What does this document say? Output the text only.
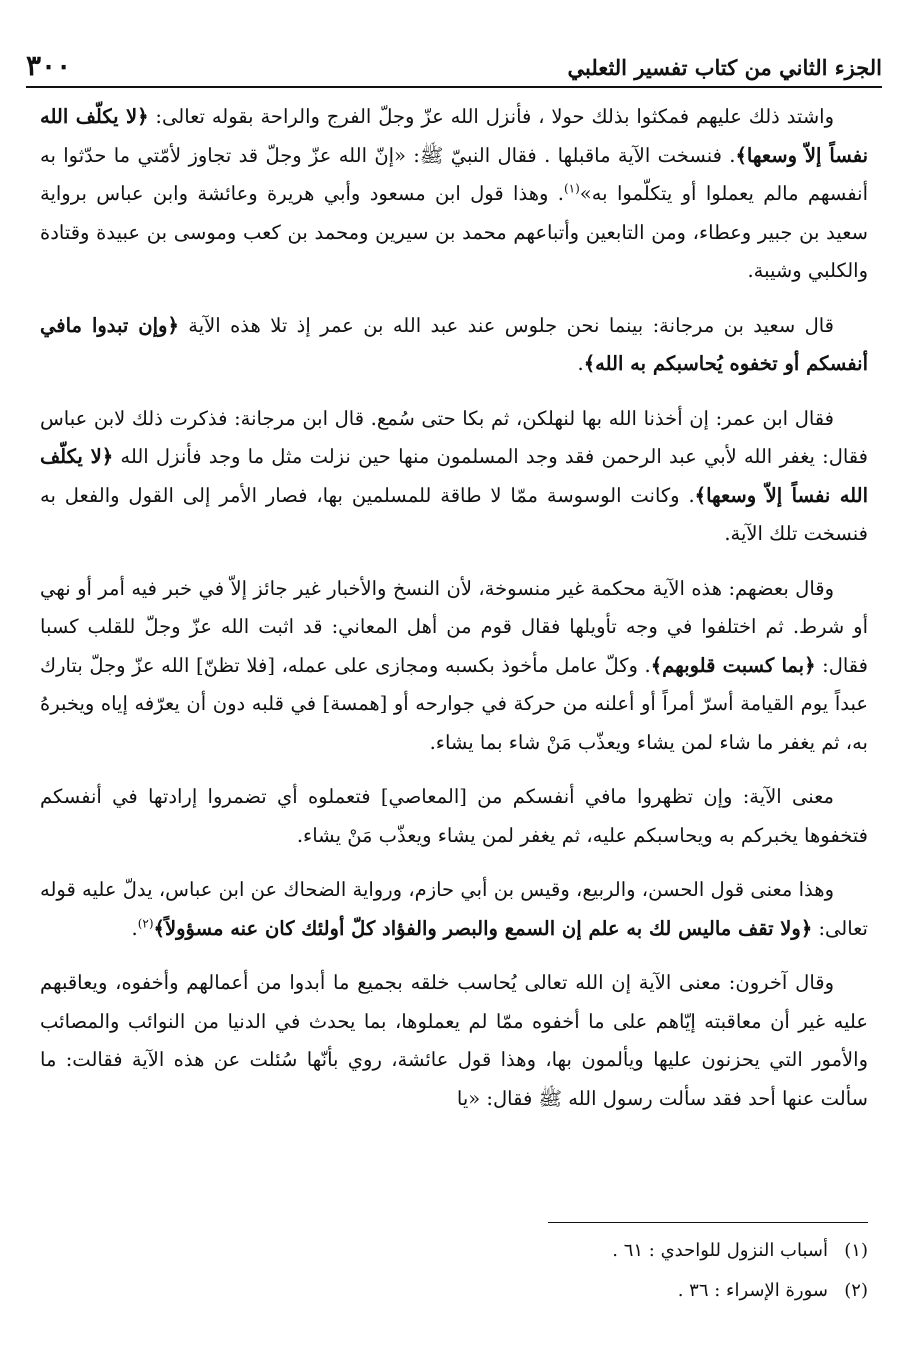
الجزء الثاني من كتاب تفسير الثعلبي
٣٠٠

واشتد ذلك عليهم فمكثوا بذلك حولا ، فأنزل الله عزّ وجلّ الفرج والراحة بقوله تعالى: ﴿لا يكلّف الله نفساً إلاّ وسعها﴾. فنسخت الآية ماقبلها . فقال النبيّ ﷺ: «إنّ الله عزّ وجلّ قد تجاوز لأمّتي ما حدّثوا به أنفسهم مالم يعملوا أو يتكلّموا به»$^{(١)}$. وهذا قول ابن مسعود وأبي هريرة وعائشة وابن عباس برواية سعيد بن جبير وعطاء، ومن التابعين وأتباعهم محمد بن سيرين ومحمد بن كعب وموسى بن عبيدة وقتادة والكلبي وشيبة.

قال سعيد بن مرجانة: بينما نحن جلوس عند عبد الله بن عمر إذ تلا هذه الآية ﴿وإن تبدوا مافي أنفسكم أو تخفوه يُحاسبكم به الله﴾.

فقال ابن عمر: إن أخذنا الله بها لنهلكن، ثم بكا حتى سُمع. قال ابن مرجانة: فذكرت ذلك لابن عباس فقال: يغفر الله لأبي عبد الرحمن فقد وجد المسلمون منها حين نزلت مثل ما وجد فأنزل الله ﴿لا يكلّف الله نفساً إلاّ وسعها﴾. وكانت الوسوسة ممّا لا طاقة للمسلمين بها، فصار الأمر إلى القول والفعل به فنسخت تلك الآية.

وقال بعضهم: هذه الآية محكمة غير منسوخة، لأن النسخ والأخبار غير جائز إلاّ في خبر فيه أمر أو نهي أو شرط. ثم اختلفوا في وجه تأويلها فقال قوم من أهل المعاني: قد اثبت الله عزّ وجلّ للقلب كسبا فقال: ﴿بما كسبت قلوبهم﴾. وكلّ عامل مأخوذ بكسبه ومجازى على عمله، [فلا تظنّ] الله عزّ وجلّ بتارك عبداً يوم القيامة أسرّ أمراً أو أعلنه من حركة في جوارحه أو [همسة] في قلبه دون أن يعرّفه إياه ويخبرهُ به، ثم يغفر ما شاء لمن يشاء ويعذّب مَنْ شاء بما يشاء.

معنى الآية: وإن تظهروا مافي أنفسكم من [المعاصي] فتعملوه أي تضمروا إرادتها في أنفسكم فتخفوها يخبركم به ويحاسبكم عليه، ثم يغفر لمن يشاء ويعذّب مَنْ يشاء.

وهذا معنى قول الحسن، والربيع، وقيس بن أبي حازم، ورواية الضحاك عن ابن عباس، يدلّ عليه قوله تعالى: ﴿ولا تقف ماليس لك به علم إن السمع والبصر والفؤاد كلّ أولئك كان عنه مسؤولاً﴾$^{(٢)}$.

وقال آخرون: معنى الآية إن الله تعالى يُحاسب خلقه بجميع ما أبدوا من أعمالهم وأخفوه، ويعاقبهم عليه غير أن معاقبته إيّاهم على ما أخفوه ممّا لم يعملوها، بما يحدث في الدنيا من النوائب والمصائب والأمور التي يحزنون عليها ويألمون بها، وهذا قول عائشة، روي بأنّها سُئلت عن هذه الآية فقالت: ما سألت عنها أحد فقد سألت رسول الله ﷺ فقال: «يا

(١)أسباب النزول للواحدي : ٦١ .

(٢)سورة الإسراء : ٣٦ .
